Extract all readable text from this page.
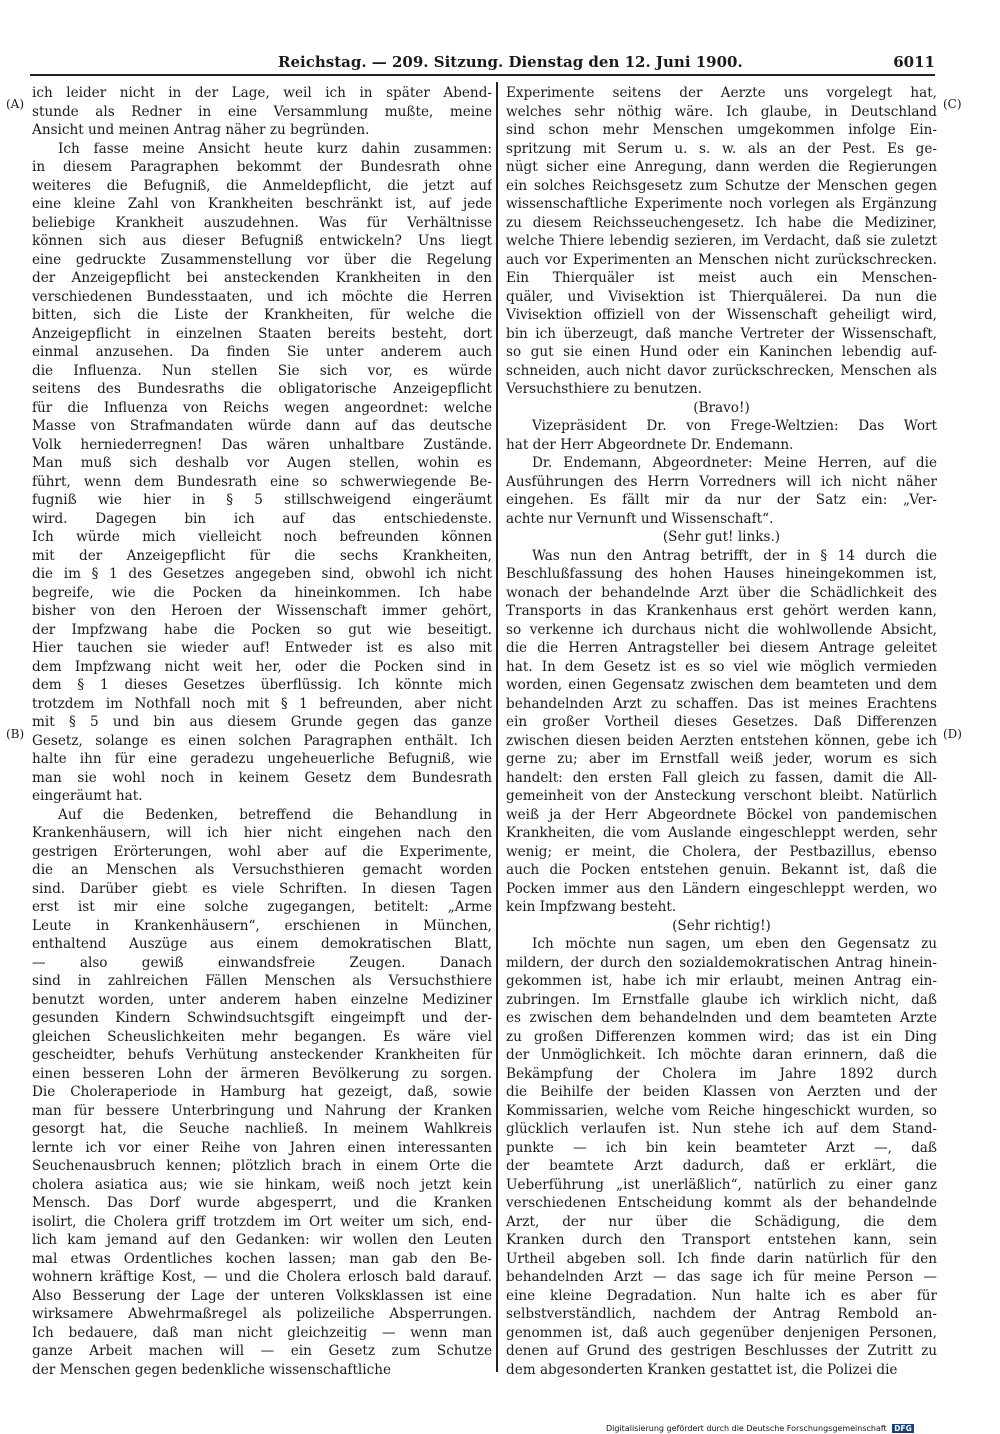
Reichstag. — 209. Sitzung. Dienstag den 12. Juni 1900.	6011
(A)
(B)
(C)
(D)
ich leider nicht in der Lage, weil ich in später Abend-
stunde als Redner in eine Versammlung mußte, meine
Ansicht und meinen Antrag näher zu begründen.
Ich fasse meine Ansicht heute kurz dahin zusammen:
in diesem Paragraphen bekommt der Bundesrath ohne
weiteres die Befugniß, die Anmeldepflicht, die jetzt auf
eine kleine Zahl von Krankheiten beschränkt ist, auf jede
beliebige Krankheit auszudehnen. Was für Verhältnisse
können sich aus dieser Befugniß entwickeln? Uns liegt
eine gedruckte Zusammenstellung vor über die Regelung
der Anzeigepflicht bei ansteckenden Krankheiten in den
verschiedenen Bundesstaaten, und ich möchte die Herren
bitten, sich die Liste der Krankheiten, für welche die
Anzeigepflicht in einzelnen Staaten bereits besteht, dort
einmal anzusehen. Da finden Sie unter anderem auch
die Influenza. Nun stellen Sie sich vor, es würde
seitens des Bundesraths die obligatorische Anzeigepflicht
für die Influenza von Reichs wegen angeordnet: welche
Masse von Strafmandaten würde dann auf das deutsche
Volk herniederregnen! Das wären unhaltbare Zustände.
Man muß sich deshalb vor Augen stellen, wohin es
führt, wenn dem Bundesrath eine so schwerwiegende Be-
fugniß wie hier in § 5 stillschweigend eingeräumt
wird. Dagegen bin ich auf das entschiedenste.
Ich würde mich vielleicht noch befreunden können
mit der Anzeigepflicht für die sechs Krankheiten,
die im § 1 des Gesetzes angegeben sind, obwohl ich nicht
begreife, wie die Pocken da hineinkommen. Ich habe
bisher von den Heroen der Wissenschaft immer gehört,
der Impfzwang habe die Pocken so gut wie beseitigt.
Hier tauchen sie wieder auf! Entweder ist es also mit
dem Impfzwang nicht weit her, oder die Pocken sind in
dem § 1 dieses Gesetzes überflüssig. Ich könnte mich
trotzdem im Nothfall noch mit § 1 befreunden, aber nicht
mit § 5 und bin aus diesem Grunde gegen das ganze
Gesetz, solange es einen solchen Paragraphen enthält. Ich
halte ihn für eine geradezu ungeheuerliche Befugniß, wie
man sie wohl noch in keinem Gesetz dem Bundesrath
eingeräumt hat.
Auf die Bedenken, betreffend die Behandlung in
Krankenhäusern, will ich hier nicht eingehen nach den
gestrigen Erörterungen, wohl aber auf die Experimente,
die an Menschen als Versuchsthieren gemacht worden
sind. Darüber giebt es viele Schriften. In diesen Tagen
erst ist mir eine solche zugegangen, betitelt: „Arme
Leute in Krankenhäusern“, erschienen in München,
enthaltend Auszüge aus einem demokratischen Blatt,
— also gewiß einwandsfreie Zeugen. Danach
sind in zahlreichen Fällen Menschen als Versuchsthiere
benutzt worden, unter anderem haben einzelne Mediziner
gesunden Kindern Schwindsuchtsgift eingeimpft und der-
gleichen Scheuslichkeiten mehr begangen. Es wäre viel
gescheidter, behufs Verhütung ansteckender Krankheiten für
einen besseren Lohn der ärmeren Bevölkerung zu sorgen.
Die Choleraperiode in Hamburg hat gezeigt, daß, sowie
man für bessere Unterbringung und Nahrung der Kranken
gesorgt hat, die Seuche nachließ. In meinem Wahlkreis
lernte ich vor einer Reihe von Jahren einen interessanten
Seuchenausbruch kennen; plötzlich brach in einem Orte die
cholera asiatica aus; wie sie hinkam, weiß noch jetzt kein
Mensch. Das Dorf wurde abgesperrt, und die Kranken
isolirt, die Cholera griff trotzdem im Ort weiter um sich, end-
lich kam jemand auf den Gedanken: wir wollen den Leuten
mal etwas Ordentliches kochen lassen; man gab den Be-
wohnern kräftige Kost, — und die Cholera erlosch bald darauf.
Also Besserung der Lage der unteren Volksklassen ist eine
wirksamere Abwehrmaßregel als polizeiliche Absperrungen.
Ich bedauere, daß man nicht gleichzeitig — wenn man
ganze Arbeit machen will — ein Gesetz zum Schutze
der Menschen gegen bedenkliche wissenschaftliche
Experimente seitens der Aerzte uns vorgelegt hat,
welches sehr nöthig wäre. Ich glaube, in Deutschland
sind schon mehr Menschen umgekommen infolge Ein-
spritzung mit Serum u. s. w. als an der Pest. Es ge-
nügt sicher eine Anregung, dann werden die Regierungen
ein solches Reichsgesetz zum Schutze der Menschen gegen
wissenschaftliche Experimente noch vorlegen als Ergänzung
zu diesem Reichsseuchengesetz. Ich habe die Mediziner,
welche Thiere lebendig sezieren, im Verdacht, daß sie zuletzt
auch vor Experimenten an Menschen nicht zurückschrecken.
Ein Thierquäler ist meist auch ein Menschen-
quäler, und Vivisektion ist Thierquälerei. Da nun die
Vivisektion offiziell von der Wissenschaft geheiligt wird,
bin ich überzeugt, daß manche Vertreter der Wissenschaft,
so gut sie einen Hund oder ein Kaninchen lebendig auf-
schneiden, auch nicht davor zurückschrecken, Menschen als
Versuchsthiere zu benutzen.
(Bravo!)
Vizepräsident Dr. von Frege-Weltzien: Das Wort
hat der Herr Abgeordnete Dr. Endemann.
Dr. Endemann, Abgeordneter: Meine Herren, auf die
Ausführungen des Herrn Vorredners will ich nicht näher
eingehen. Es fällt mir da nur der Satz ein: „Ver-
achte nur Vernunft und Wissenschaft“.
(Sehr gut! links.)
Was nun den Antrag betrifft, der in § 14 durch die
Beschlußfassung des hohen Hauses hineingekommen ist,
wonach der behandelnde Arzt über die Schädlichkeit des
Transports in das Krankenhaus erst gehört werden kann,
so verkenne ich durchaus nicht die wohlwollende Absicht,
die die Herren Antragsteller bei diesem Antrage geleitet
hat. In dem Gesetz ist es so viel wie möglich vermieden
worden, einen Gegensatz zwischen dem beamteten und dem
behandelnden Arzt zu schaffen. Das ist meines Erachtens
ein großer Vortheil dieses Gesetzes. Daß Differenzen
zwischen diesen beiden Aerzten entstehen können, gebe ich
gerne zu; aber im Ernstfall weiß jeder, worum es sich
handelt: den ersten Fall gleich zu fassen, damit die All-
gemeinheit von der Ansteckung verschont bleibt. Natürlich
weiß ja der Herr Abgeordnete Böckel von pandemischen
Krankheiten, die vom Auslande eingeschleppt werden, sehr
wenig; er meint, die Cholera, der Pestbazillus, ebenso
auch die Pocken entstehen genuin. Bekannt ist, daß die
Pocken immer aus den Ländern eingeschleppt werden, wo
kein Impfzwang besteht.
(Sehr richtig!)
Ich möchte nun sagen, um eben den Gegensatz zu
mildern, der durch den sozialdemokratischen Antrag hinein-
gekommen ist, habe ich mir erlaubt, meinen Antrag ein-
zubringen. Im Ernstfalle glaube ich wirklich nicht, daß
es zwischen dem behandelnden und dem beamteten Arzte
zu großen Differenzen kommen wird; das ist ein Ding
der Unmöglichkeit. Ich möchte daran erinnern, daß die
Bekämpfung der Cholera im Jahre 1892 durch
die Beihilfe der beiden Klassen von Aerzten und der
Kommissarien, welche vom Reiche hingeschickt wurden, so
glücklich verlaufen ist. Nun stehe ich auf dem Stand-
punkte — ich bin kein beamteter Arzt —, daß
der beamtete Arzt dadurch, daß er erklärt, die
Ueberführung „ist unerläßlich“, natürlich zu einer ganz
verschiedenen Entscheidung kommt als der behandelnde
Arzt, der nur über die Schädigung, die dem
Kranken durch den Transport entstehen kann, sein
Urtheil abgeben soll. Ich finde darin natürlich für den
behandelnden Arzt — das sage ich für meine Person —
eine kleine Degradation. Nun halte ich es aber für
selbstverständlich, nachdem der Antrag Rembold an-
genommen ist, daß auch gegenüber denjenigen Personen,
denen auf Grund des gestrigen Beschlusses der Zutritt zu
dem abgesonderten Kranken gestattet ist, die Polizei die
Digitalisierung gefördert durch die Deutsche Forschungsgemeinschaft DFG
